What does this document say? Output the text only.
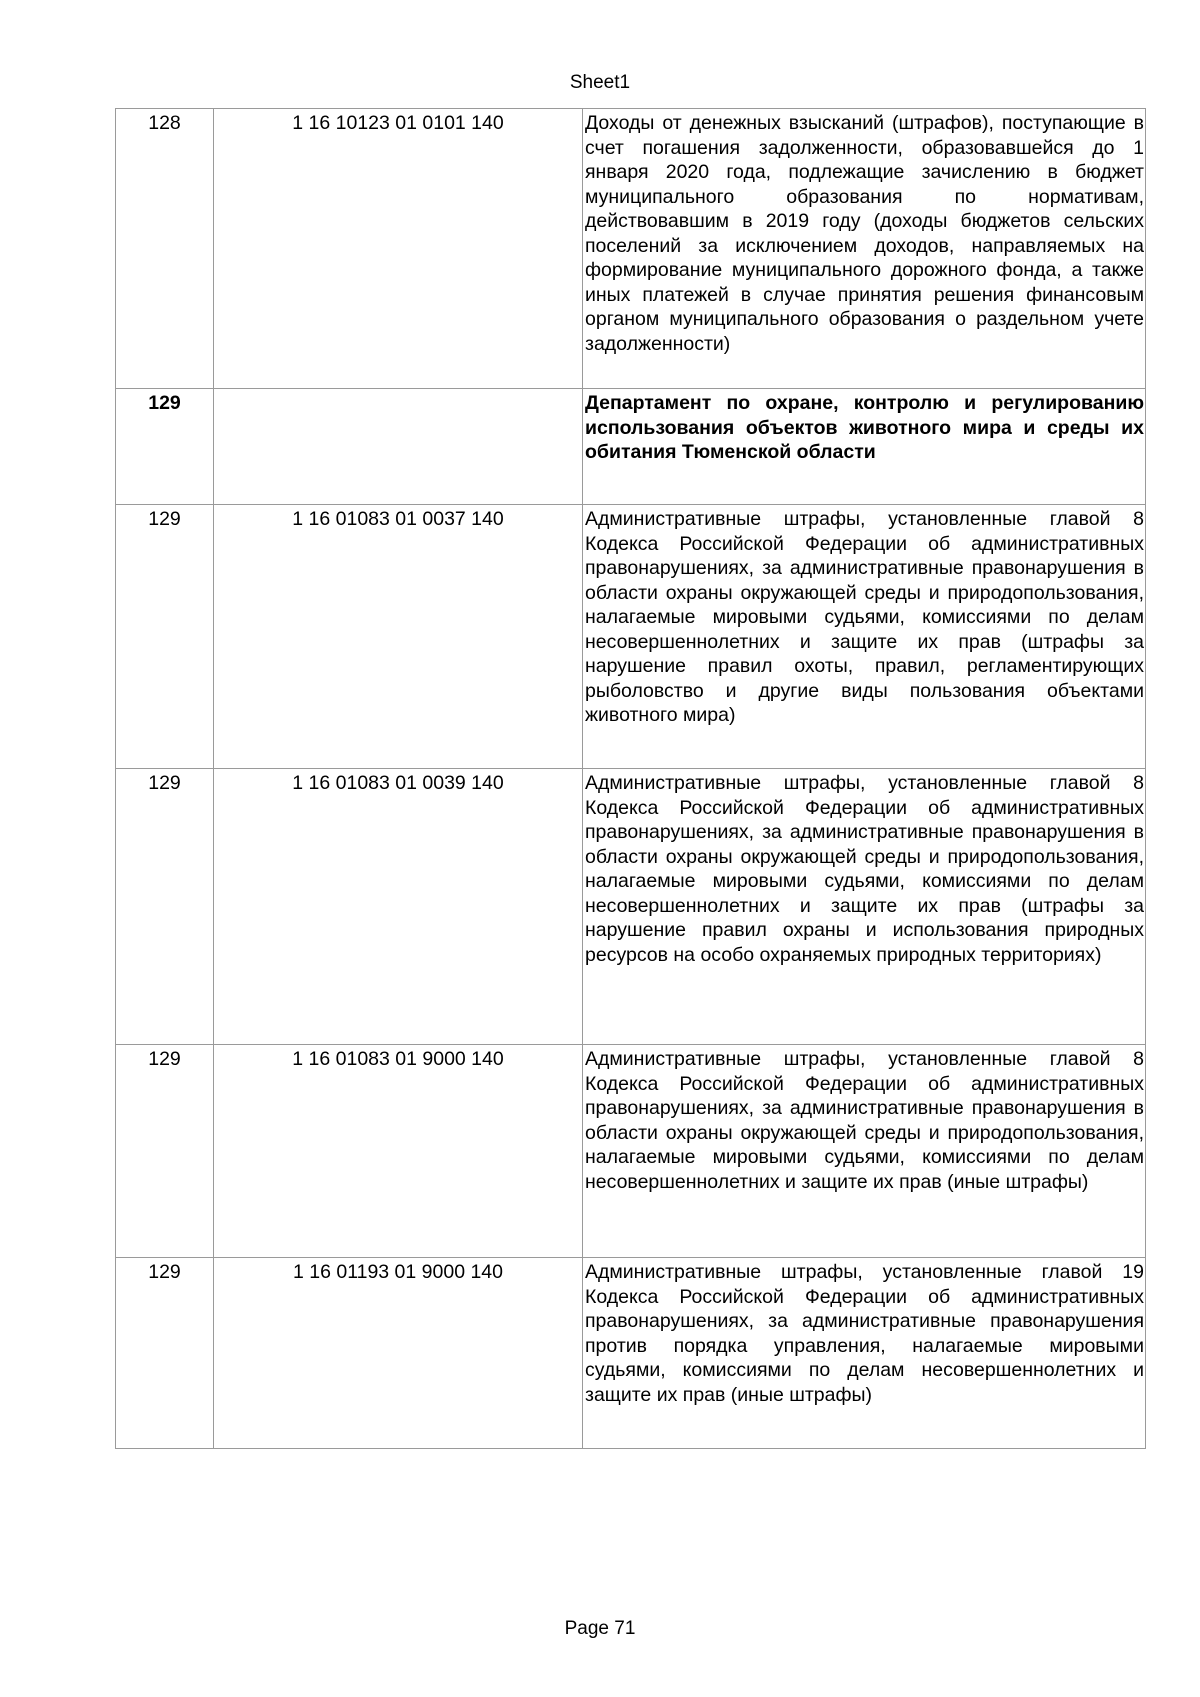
Sheet1
128	1 16 10123 01 0101 140	Доходы от денежных взысканий (штрафов), поступающие в счет погашения задолженности, образовавшейся до 1 января 2020 года, подлежащие зачислению в бюджет муниципального образования по нормативам, действовавшим в 2019 году (доходы бюджетов сельских поселений за исключением доходов, направляемых на формирование муниципального дорожного фонда, а также иных платежей в случае принятия решения финансовым органом муниципального образования о раздельном учете задолженности)
129		Департамент по охране, контролю и регулированию использования объектов животного мира и среды их обитания Тюменской области
129	1 16 01083 01 0037 140	Административные штрафы, установленные главой 8 Кодекса Российской Федерации об административных правонарушениях, за административные правонарушения в области охраны окружающей среды и природопользования, налагаемые мировыми судьями, комиссиями по делам несовершеннолетних и защите их прав (штрафы за нарушение правил охоты, правил, регламентирующих рыболовство и другие виды пользования объектами животного мира)
129	1 16 01083 01 0039 140	Административные штрафы, установленные главой 8 Кодекса Российской Федерации об административных правонарушениях, за административные правонарушения в области охраны окружающей среды и природопользования, налагаемые мировыми судьями, комиссиями по делам несовершеннолетних и защите их прав (штрафы за нарушение правил охраны и использования природных ресурсов на особо охраняемых природных территориях)
129	1 16 01083 01 9000 140	Административные штрафы, установленные главой 8 Кодекса Российской Федерации об административных правонарушениях, за административные правонарушения в области охраны окружающей среды и природопользования, налагаемые мировыми судьями, комиссиями по делам несовершеннолетних и защите их прав (иные штрафы)
129	1 16 01193 01 9000 140	Административные штрафы, установленные главой 19 Кодекса Российской Федерации об административных правонарушениях, за административные правонарушения против порядка управления, налагаемые мировыми судьями, комиссиями по делам несовершеннолетних и защите их прав (иные штрафы)
Page 71
